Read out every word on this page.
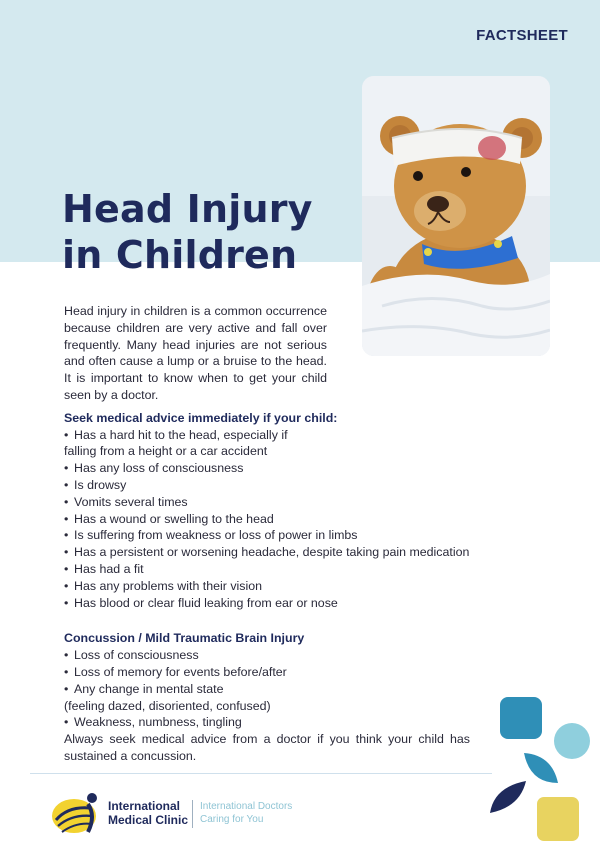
FACTSHEET
Head Injury
in Children

Head injury in children is a common occurrence because children are very active and fall over frequently. Many head injuries are not serious and often cause a lump or a bruise to the head. It is important to know when to get your child seen by a doctor.

Seek medical advice immediately if your child:
• Has a hard hit to the head, especially if
falling from a height or a car accident
• Has any loss of consciousness
• Is drowsy
• Vomits several times
• Has a wound or swelling to the head
• Is suffering from weakness or loss of power in limbs
• Has a persistent or worsening headache, despite taking pain medication
• Has had a fit
• Has any problems with their vision
• Has blood or clear fluid leaking from ear or nose
Concussion / Mild Traumatic Brain Injury
• Loss of consciousness
• Loss of memory for events before/after
• Any change in mental state
(feeling dazed, disoriented, confused)
• Weakness, numbness, tingling
Always seek medical advice from a doctor if you think your child has sustained a concussion.
International
Medical Clinic
International Doctors
Caring for You
